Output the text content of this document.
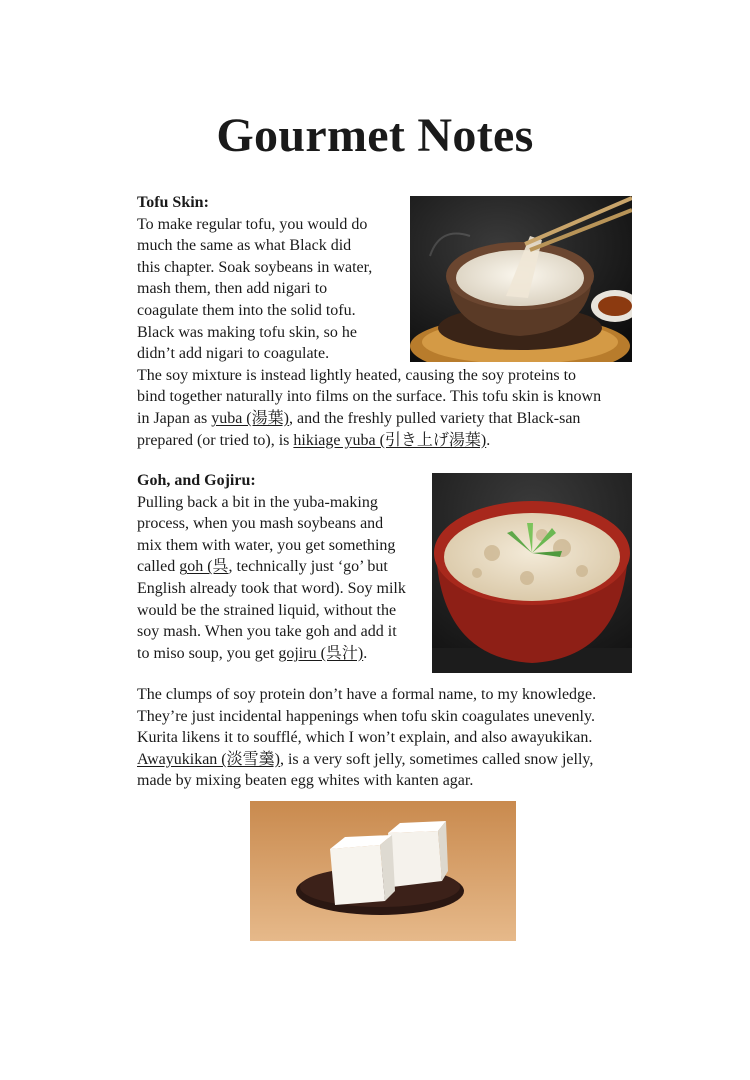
Gourmet Notes
Tofu Skin:
To make regular tofu, you would do
much the same as what Black did
this chapter. Soak soybeans in water,
mash them, then add nigari to
coagulate them into the solid tofu.
Black was making tofu skin, so he
didn’t add nigari to coagulate.
The soy mixture is instead lightly heated, causing the soy proteins to
bind together naturally into films on the surface. This tofu skin is known
in Japan as yuba (湯葉), and the freshly pulled variety that Black-san
prepared (or tried to), is hikiage yuba (引き上げ湯葉).
Goh, and Gojiru:
Pulling back a bit in the yuba-making
process, when you mash soybeans and
mix them with water, you get something
called goh (呉, technically just ‘go’ but
English already took that word). Soy milk
would be the strained liquid, without the
soy mash. When you take goh and add it
to miso soup, you get gojiru (呉汁).
The clumps of soy protein don’t have a formal name, to my knowledge.
They’re just incidental happenings when tofu skin coagulates unevenly.
Kurita likens it to soufflé, which I won’t explain, and also awayukikan.
Awayukikan (淡雪羹), is a very soft jelly, sometimes called snow jelly,
made by mixing beaten egg whites with kanten agar.
